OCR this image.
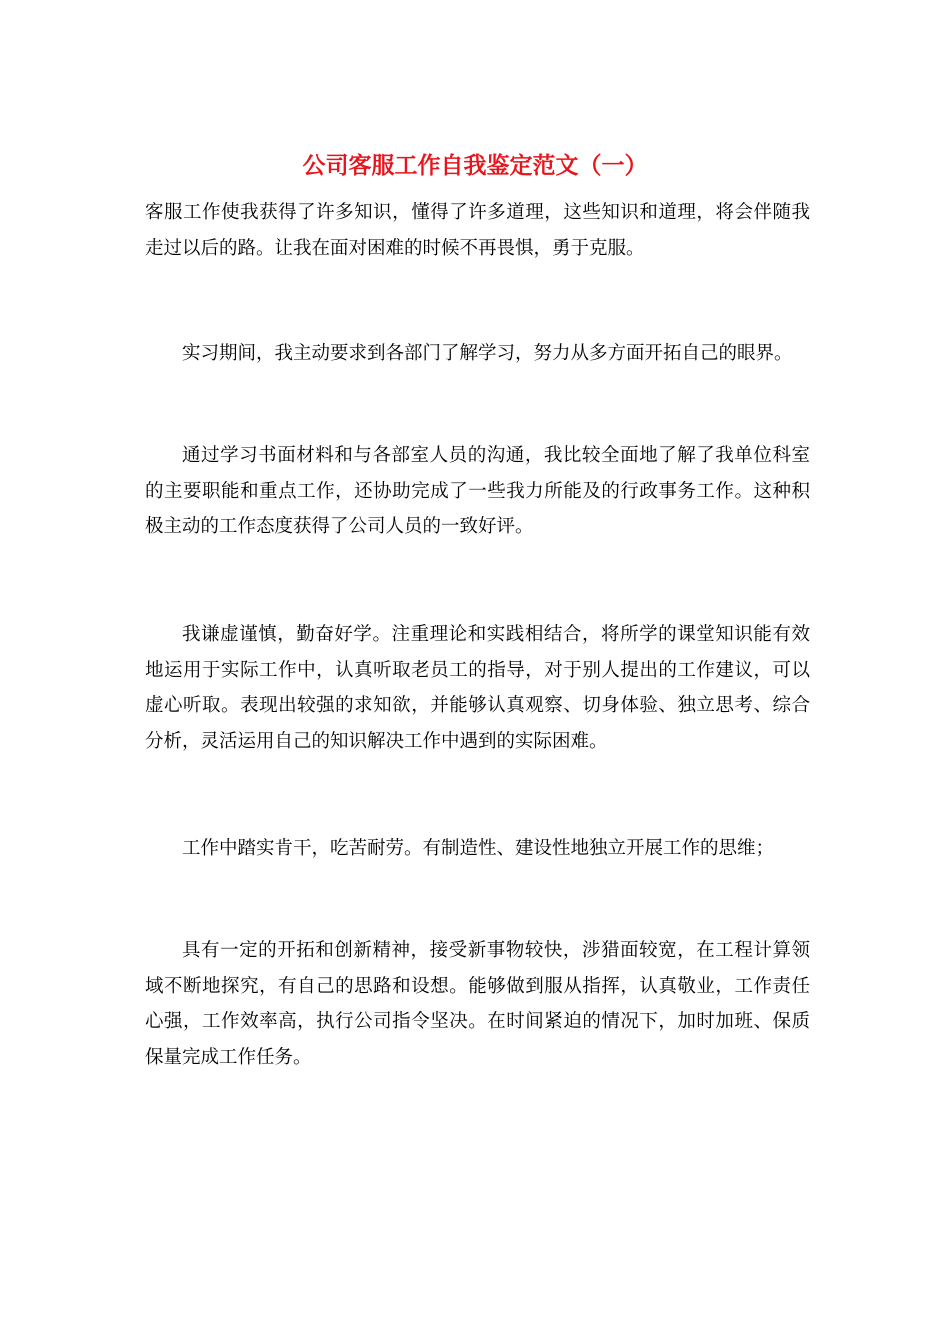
公司客服工作自我鉴定范文（一）

客服工作使我获得了许多知识，懂得了许多道理，这些知识和道理，将会伴随我走过以后的路。让我在面对困难的时候不再畏惧，勇于克服。

实习期间，我主动要求到各部门了解学习，努力从多方面开拓自己的眼界。

通过学习书面材料和与各部室人员的沟通，我比较全面地了解了我单位科室的主要职能和重点工作，还协助完成了一些我力所能及的行政事务工作。这种积极主动的工作态度获得了公司人员的一致好评。

我谦虚谨慎，勤奋好学。注重理论和实践相结合，将所学的课堂知识能有效地运用于实际工作中，认真听取老员工的指导，对于别人提出的工作建议，可以虚心听取。表现出较强的求知欲，并能够认真观察、切身体验、独立思考、综合分析，灵活运用自己的知识解决工作中遇到的实际困难。

工作中踏实肯干，吃苦耐劳。有制造性、建设性地独立开展工作的思维；

具有一定的开拓和创新精神，接受新事物较快，涉猎面较宽，在工程计算领域不断地探究，有自己的思路和设想。能够做到服从指挥，认真敬业，工作责任心强，工作效率高，执行公司指令坚决。在时间紧迫的情况下，加时加班、保质保量完成工作任务。
